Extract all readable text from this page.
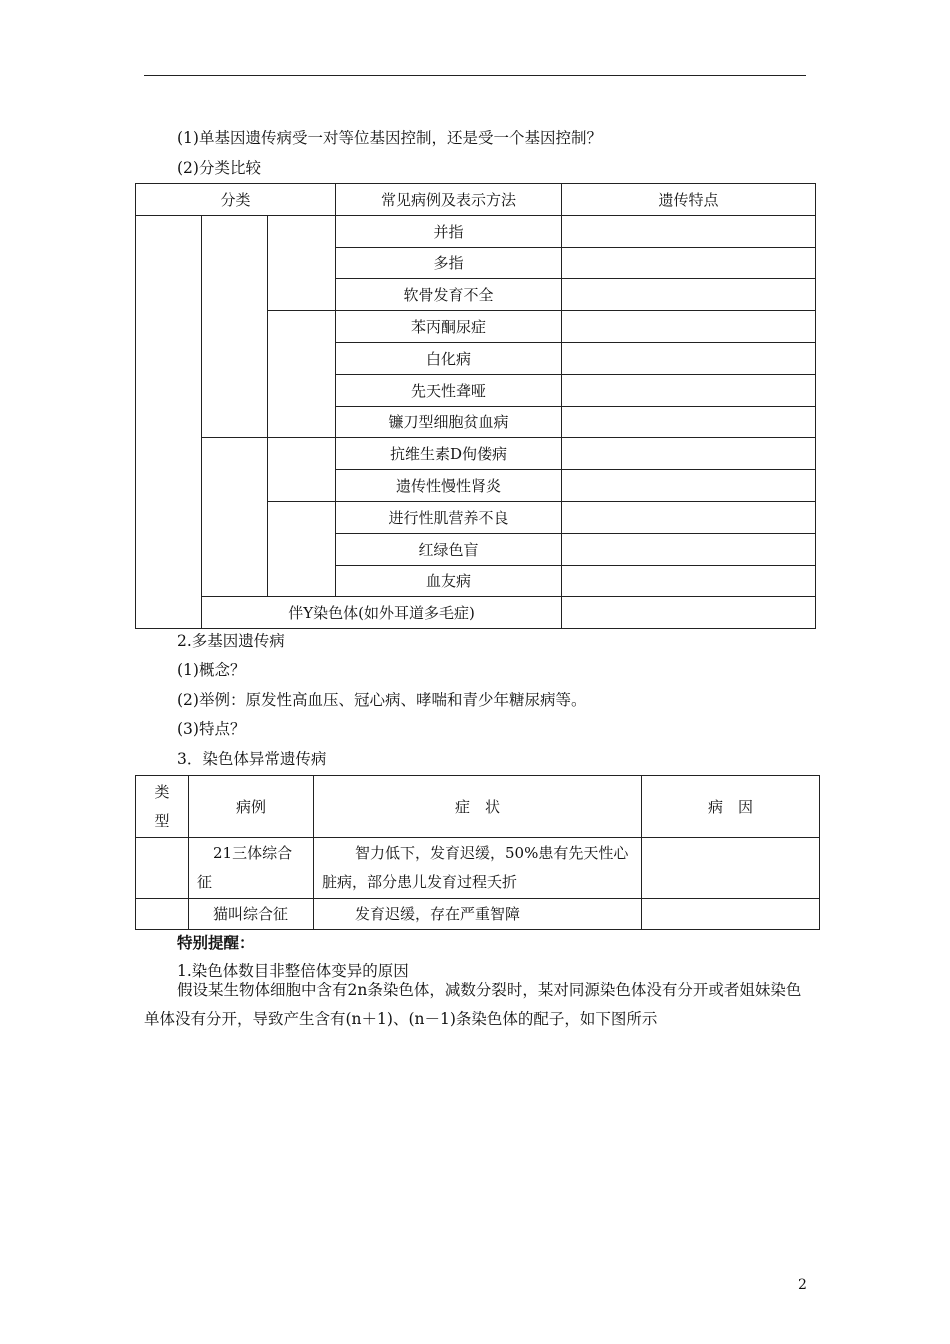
(1)单基因遗传病受一对等位基因控制，还是受一个基因控制？
(2)分类比较
分类			常见病例及表示方法	遗传特点
			并指	
			多指	
			软骨发育不全	
			苯丙酮尿症	
			白化病	
			先天性聋哑	
			镰刀型细胞贫血病	
			抗维生素D佝偻病	
			遗传性慢性肾炎	
			进行性肌营养不良	
			红绿色盲	
			血友病	
	伴Y染色体(如外耳道多毛症)			
2.多基因遗传病
(1)概念？
(2)举例：原发性高血压、冠心病、哮喘和青少年糖尿病等。
(3)特点？
3．染色体异常遗传病
类型	病例	症　状	病　因
	21三体综合征	智力低下，发育迟缓，50%患有先天性心脏病，部分患儿发育过程夭折	
	猫叫综合征	发育迟缓，存在严重智障	
特别提醒：
1.染色体数目非整倍体变异的原因
假设某生物体细胞中含有2n条染色体，减数分裂时，某对同源染色体没有分开或者姐妹染色单体没有分开，导致产生含有(n＋1)、(n－1)条染色体的配子，如下图所示
2
